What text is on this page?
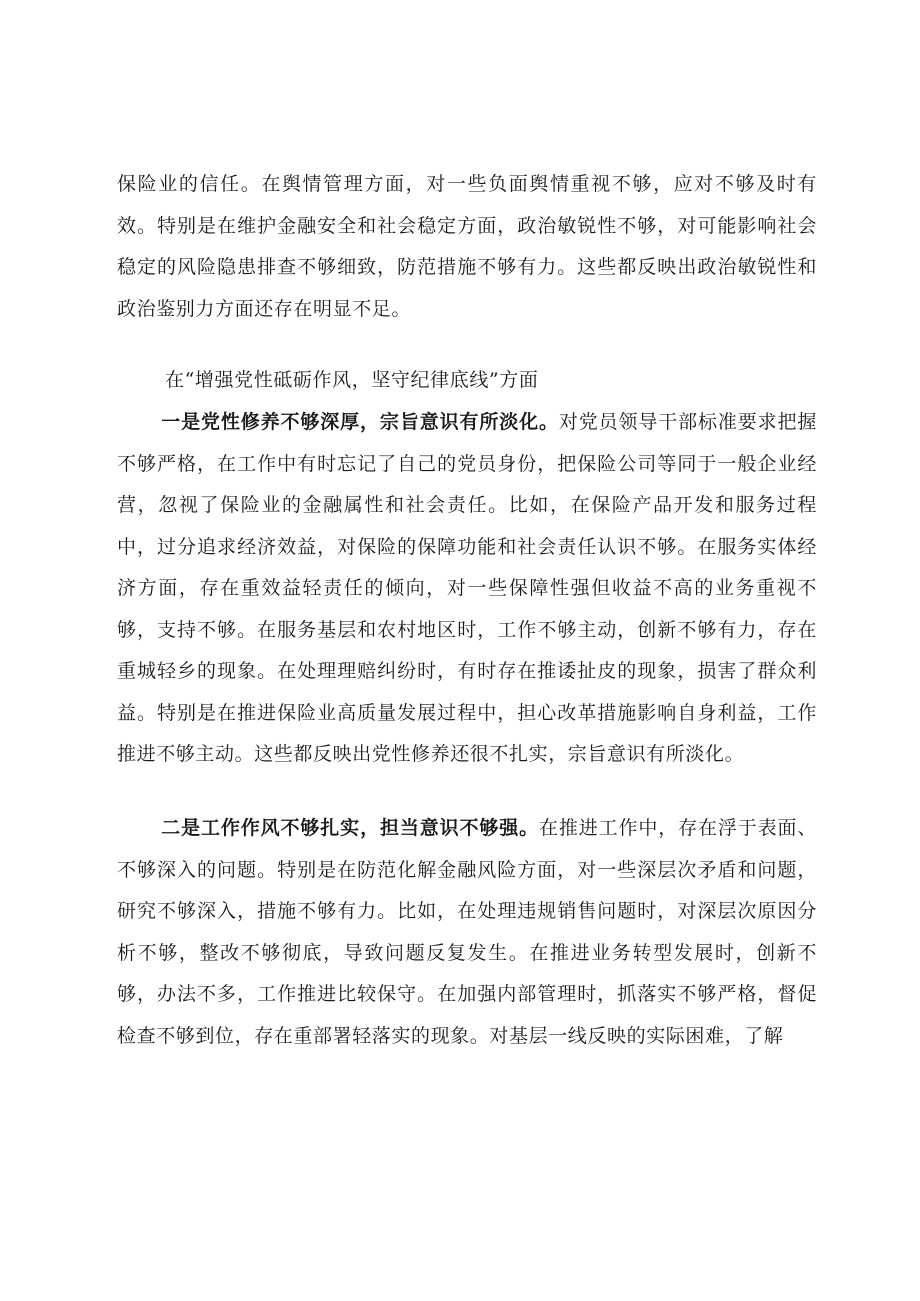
保险业的信任。在舆情管理方面，对一些负面舆情重视不够，应对不够及时有效。特别是在维护金融安全和社会稳定方面，政治敏锐性不够，对可能影响社会稳定的风险隐患排查不够细致，防范措施不够有力。这些都反映出政治敏锐性和政治鉴别力方面还存在明显不足。

在“增强党性砥砺作风，坚守纪律底线”方面

一是党性修养不够深厚，宗旨意识有所淡化。对党员领导干部标准要求把握不够严格，在工作中有时忘记了自己的党员身份，把保险公司等同于一般企业经营，忽视了保险业的金融属性和社会责任。比如，在保险产品开发和服务过程中，过分追求经济效益，对保险的保障功能和社会责任认识不够。在服务实体经济方面，存在重效益轻责任的倾向，对一些保障性强但收益不高的业务重视不够，支持不够。在服务基层和农村地区时，工作不够主动，创新不够有力，存在重城轻乡的现象。在处理理赔纠纷时，有时存在推诿扯皮的现象，损害了群众利益。特别是在推进保险业高质量发展过程中，担心改革措施影响自身利益，工作推进不够主动。这些都反映出党性修养还很不扎实，宗旨意识有所淡化。

二是工作作风不够扎实，担当意识不够强。在推进工作中，存在浮于表面、不够深入的问题。特别是在防范化解金融风险方面，对一些深层次矛盾和问题，研究不够深入，措施不够有力。比如，在处理违规销售问题时，对深层次原因分析不够，整改不够彻底，导致问题反复发生。在推进业务转型发展时，创新不够，办法不多，工作推进比较保守。在加强内部管理时，抓落实不够严格，督促检查不够到位，存在重部署轻落实的现象。对基层一线反映的实际困难，了解
